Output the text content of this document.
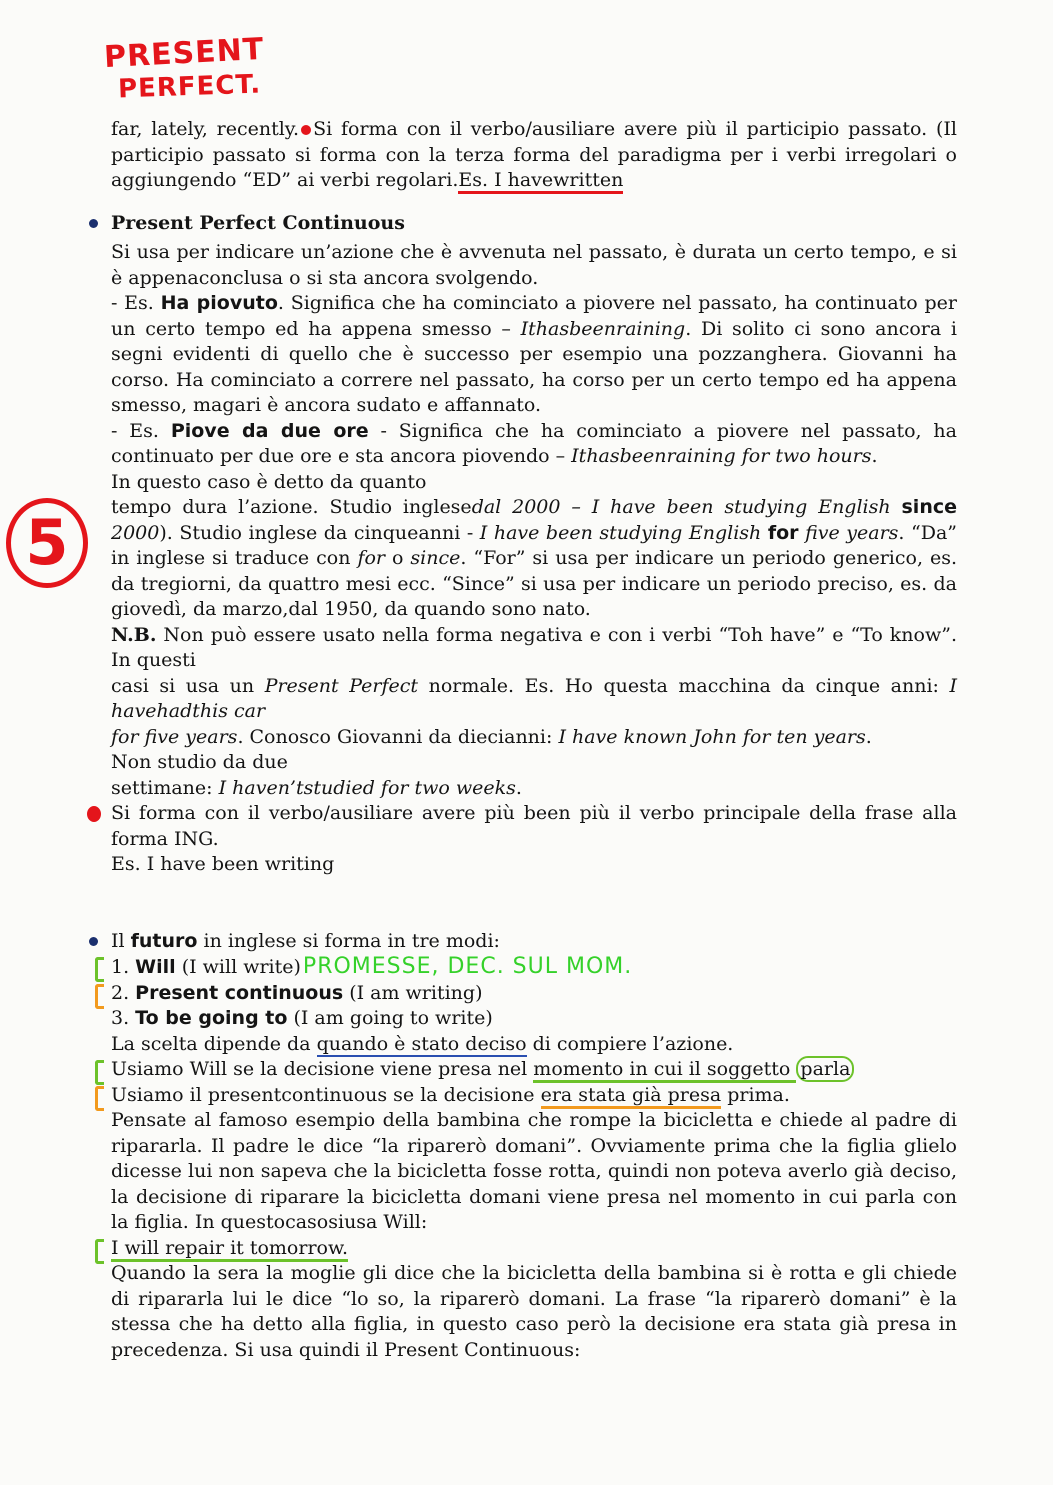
PRESENT
PERFECT.
5

far, lately, recently. Si forma con il verbo/ausiliare avere più il participio passato. (Il participio passato si forma con la terza forma del paradigma per i verbi irregolari o aggiungendo “ED” ai verbi regolari.Es. I havewritten

Present Perfect Continuous

Si usa per indicare un’azione che è avvenuta nel passato, è durata un certo tempo, e si è appenaconclusa o si sta ancora svolgendo.

- Es. Ha piovuto. Significa che ha cominciato a piovere nel passato, ha continuato per un certo tempo ed ha appena smesso – Ithasbeenraining. Di solito ci sono ancora i segni evidenti di quello che è successo per esempio una pozzanghera. Giovanni ha corso. Ha cominciato a correre nel passato, ha corso per un certo tempo ed ha appena smesso, magari è ancora sudato e affannato.

- Es. Piove da due ore - Significa che ha cominciato a piovere nel passato, ha continuato per due ore e sta ancora piovendo – Ithasbeenraining for two hours.

In questo caso è detto da quanto

tempo dura l’azione. Studio inglesedal 2000 – I have been studying English since 2000). Studio inglese da cinqueanni - I have been studying English for five years. “Da” in inglese si traduce con for o since. “For” si usa per indicare un periodo generico, es. da tregiorni, da quattro mesi ecc. “Since” si usa per indicare un periodo preciso, es. da giovedì, da marzo,dal 1950, da quando sono nato.

N.B. Non può essere usato nella forma negativa e con i verbi “Toh have” e “To know”. In questi

casi si usa un Present Perfect normale. Es. Ho questa macchina da cinque anni: I havehadthis car

for five years. Conosco Giovanni da diecianni: I have known John for ten years.

Non studio da due

settimane: I haven’tstudied for two weeks.

Si forma con il verbo/ausiliare avere più been più il verbo principale della frase alla forma ING.

Es. I have been writing

Il futuro in inglese si forma in tre modi:

1. Will (I will write)PROMESSE, DEC. SUL MOM.

2. Present continuous (I am writing)

3. To be going to (I am going to write)

La scelta dipende da quando è stato deciso di compiere l’azione.

Usiamo Will se la decisione viene presa nel momento in cui il soggetto parla

Usiamo il presentcontinuous se la decisione era stata già presa prima.

Pensate al famoso esempio della bambina che rompe la bicicletta e chiede al padre di ripararla. Il padre le dice “la riparerò domani”. Ovviamente prima che la figlia glielo dicesse lui non sapeva che la bicicletta fosse rotta, quindi non poteva averlo già deciso, la decisione di riparare la bicicletta domani viene presa nel momento in cui parla con la figlia. In questocasosiusa Will:

I will repair it tomorrow.

Quando la sera la moglie gli dice che la bicicletta della bambina si è rotta e gli chiede di ripararla lui le dice “lo so, la riparerò domani. La frase “la riparerò domani” è la stessa che ha detto alla figlia, in questo caso però la decisione era stata già presa in precedenza. Si usa quindi il Present Continuous:
